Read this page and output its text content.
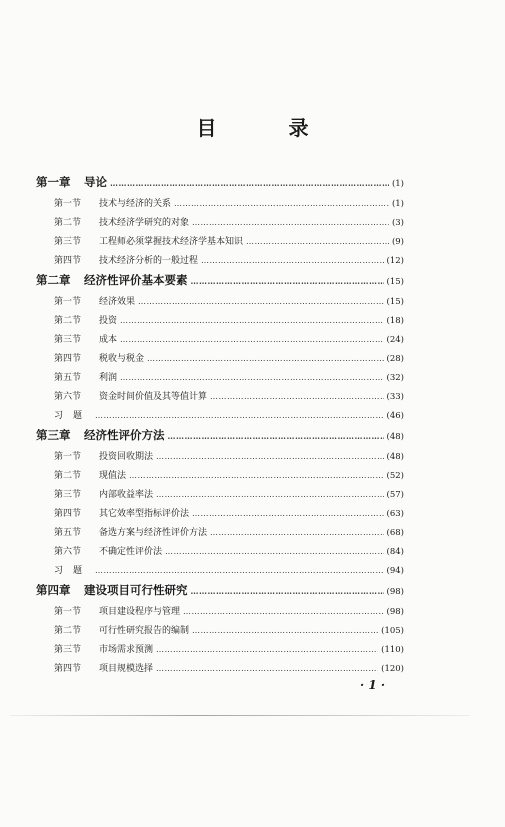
目　录
第一章 导论 …………………………………………………………………………………………………………………………………………………………	(1)
第一节 技术与经济的关系 …………………………………………………………………………………………………………………………………………………………	(1)
第二节 技术经济学研究的对象 …………………………………………………………………………………………………………………………………………………………	(3)
第三节 工程师必须掌握技术经济学基本知识 …………………………………………………………………………………………………………………………………………………………	(9)
第四节 技术经济分析的一般过程 …………………………………………………………………………………………………………………………………………………………	(12)
第二章 经济性评价基本要素 …………………………………………………………………………………………………………………………………………………………	(15)
第一节 经济效果 …………………………………………………………………………………………………………………………………………………………	(15)
第二节 投资 …………………………………………………………………………………………………………………………………………………………	(18)
第三节 成本 …………………………………………………………………………………………………………………………………………………………	(24)
第四节 税收与税金 …………………………………………………………………………………………………………………………………………………………	(28)
第五节 利润 …………………………………………………………………………………………………………………………………………………………	(32)
第六节 资金时间价值及其等值计算 …………………………………………………………………………………………………………………………………………………………	(33)
习题 …………………………………………………………………………………………………………………………………………………………	(46)
第三章 经济性评价方法 …………………………………………………………………………………………………………………………………………………………	(48)
第一节 投资回收期法 …………………………………………………………………………………………………………………………………………………………	(48)
第二节 现值法 …………………………………………………………………………………………………………………………………………………………	(52)
第三节 内部收益率法 …………………………………………………………………………………………………………………………………………………………	(57)
第四节 其它效率型指标评价法 …………………………………………………………………………………………………………………………………………………………	(63)
第五节 备选方案与经济性评价方法 …………………………………………………………………………………………………………………………………………………………	(68)
第六节 不确定性评价法 …………………………………………………………………………………………………………………………………………………………	(84)
习题 …………………………………………………………………………………………………………………………………………………………	(94)
第四章 建设项目可行性研究 …………………………………………………………………………………………………………………………………………………………	(98)
第一节 项目建设程序与管理 …………………………………………………………………………………………………………………………………………………………	(98)
第二节 可行性研究报告的编制 …………………………………………………………………………………………………………………………………………………………	(105)
第三节 市场需求预测 …………………………………………………………………………………………………………………………………………………………	(110)
第四节 项目规模选择 …………………………………………………………………………………………………………………………………………………………	(120)
· 1 ·
